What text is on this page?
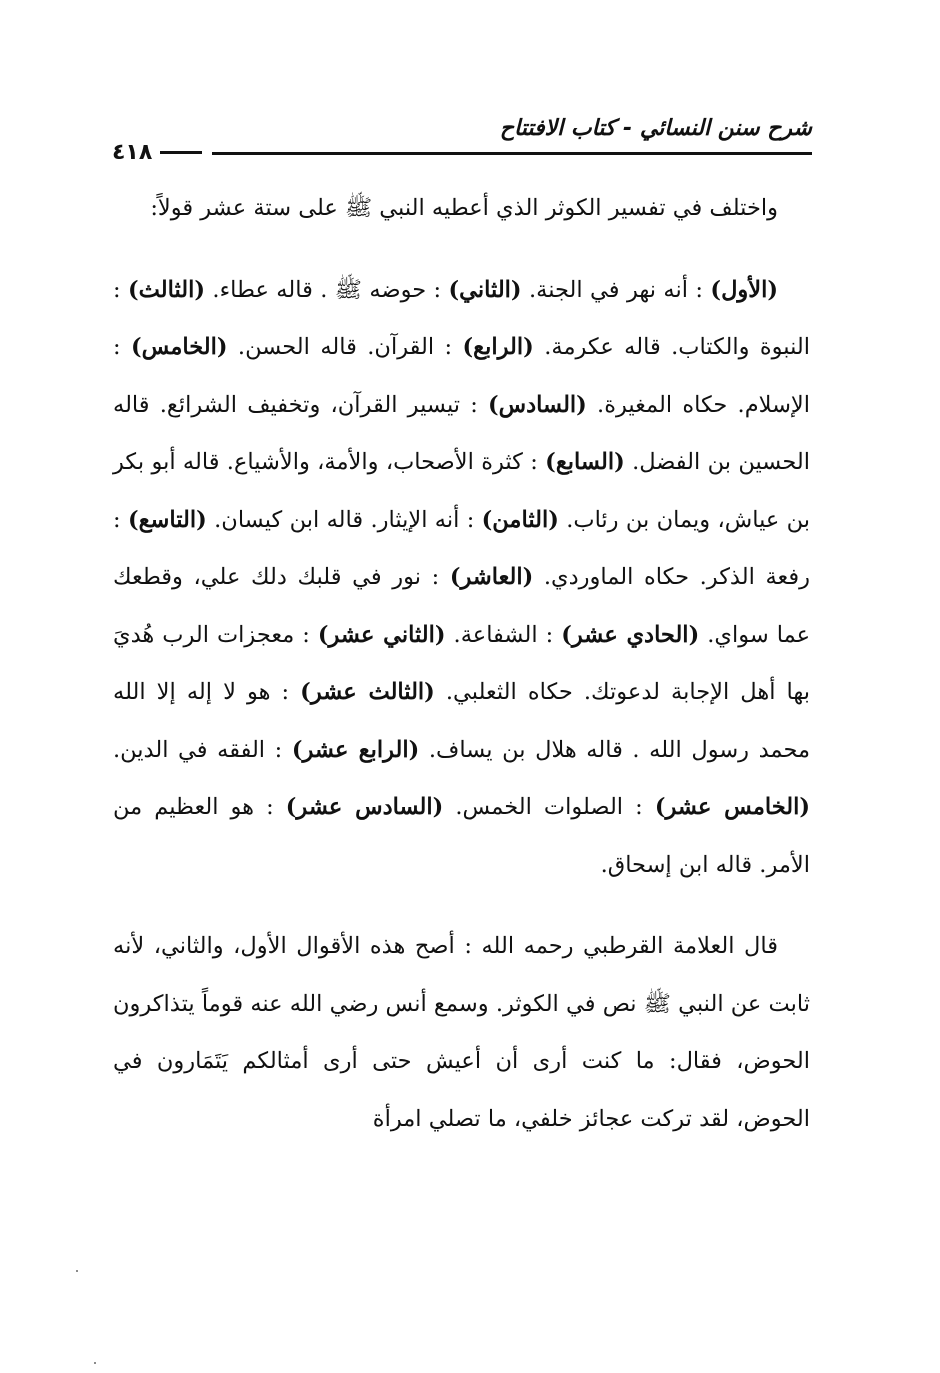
شرح سنن النسائي - كتاب الافتتاح
٤١٨

واختلف في تفسير الكوثر الذي أعطيه النبي ﷺ على ستة عشر قولاً:

(الأول) : أنه نهر في الجنة. (الثاني) : حوضه ﷺ . قاله عطاء. (الثالث) : النبوة والكتاب. قاله عكرمة. (الرابع) : القرآن. قاله الحسن. (الخامس) : الإسلام. حكاه المغيرة. (السادس) : تيسير القرآن، وتخفيف الشرائع. قاله الحسين بن الفضل. (السابع) : كثرة الأصحاب، والأمة، والأشياع. قاله أبو بكر بن عياش، ويمان بن رئاب. (الثامن) : أنه الإيثار. قاله ابن كيسان. (التاسع) : رفعة الذكر. حكاه الماوردي. (العاشر) : نور في قلبك دلك علي، وقطعك عما سواي. (الحادي عشر) : الشفاعة. (الثاني عشر) : معجزات الرب هُديَ بها أهل الإجابة لدعوتك. حكاه الثعلبي. (الثالث عشر) : هو لا إله إلا الله محمد رسول الله . قاله هلال بن يساف. (الرابع عشر) : الفقه في الدين. (الخامس عشر) : الصلوات الخمس. (السادس عشر) : هو العظيم من الأمر. قاله ابن إسحاق.

قال العلامة القرطبي رحمه الله : أصح هذه الأقوال الأول، والثاني، لأنه ثابت عن النبي ﷺ نص في الكوثر. وسمع أنس رضي الله عنه قوماً يتذاكرون الحوض، فقال: ما كنت أرى أن أعيش حتى أرى أمثالكم يَتَمَارون في الحوض، لقد تركت عجائز خلفي، ما تصلي امرأة
